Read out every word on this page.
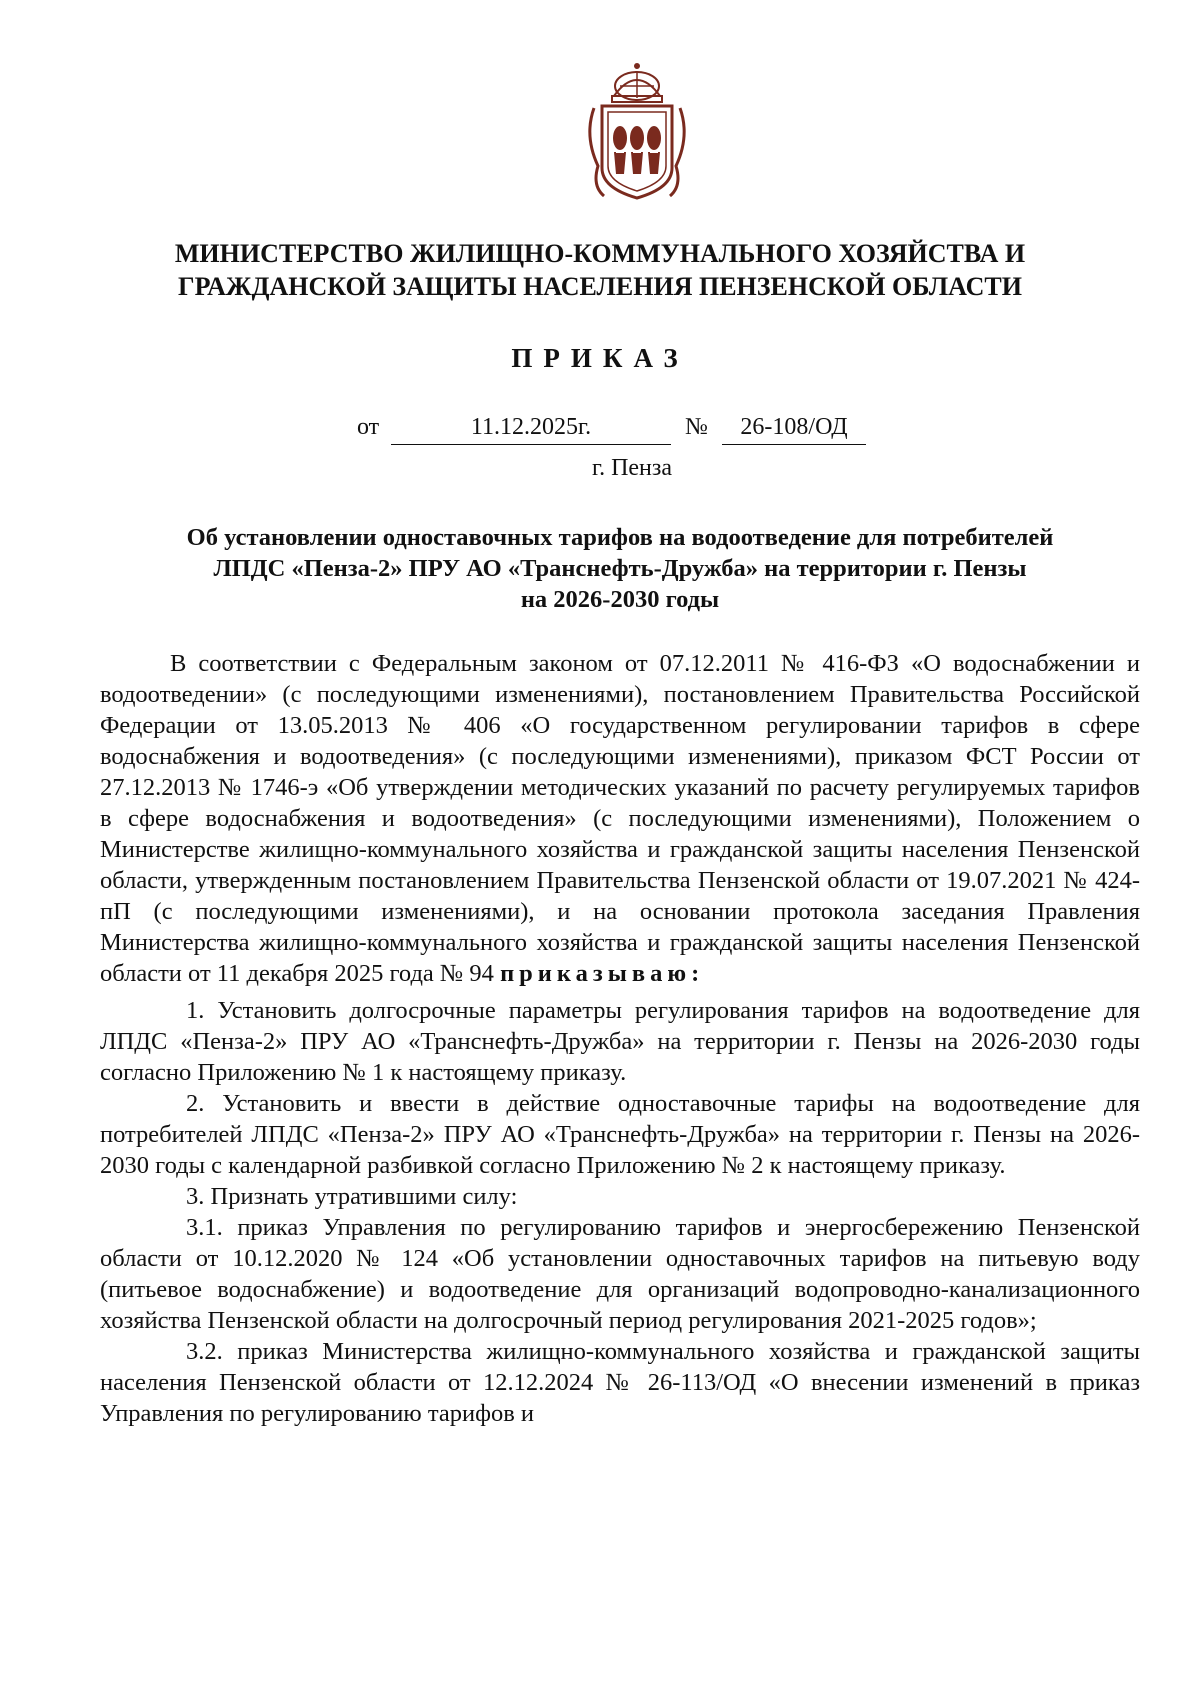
МИНИСТЕРСТВО ЖИЛИЩНО-КОММУНАЛЬНОГО ХОЗЯЙСТВА И
ГРАЖДАНСКОЙ ЗАЩИТЫ НАСЕЛЕНИЯ ПЕНЗЕНСКОЙ ОБЛАСТИ
ПРИКАЗ
от	11.12.2025г.	№	26-108/ОД
г. Пенза
Об установлении одноставочных тарифов на водоотведение для потребителей
ЛПДС «Пенза-2» ПРУ АО «Транснефть-Дружба» на территории г. Пензы
на 2026-2030 годы

В соответствии с Федеральным законом от 07.12.2011 № 416-ФЗ «О водоснабжении и водоотведении» (с последующими изменениями), постановлением Правительства Российской Федерации от 13.05.2013 № 406 «О государственном регулировании тарифов в сфере водоснабжения и водоотведения» (с последующими изменениями), приказом ФСТ России от 27.12.2013 № 1746-э «Об утверждении методических указаний по расчету регулируемых тарифов в сфере водоснабжения и водоотведения» (с последующими изменениями), Положением о Министерстве жилищно-коммунального хозяйства и гражданской защиты населения Пензенской области, утвержденным постановлением Правительства Пензенской области от 19.07.2021 № 424-пП (с последующими изменениями), и на основании протокола заседания Правления Министерства жилищно-коммунального хозяйства и гражданской защиты населения Пензенской области от 11 декабря 2025 года № 94 приказываю:

1. Установить долгосрочные параметры регулирования тарифов на водоотведение для ЛПДС «Пенза-2» ПРУ АО «Транснефть-Дружба» на территории г. Пензы на 2026-2030 годы согласно Приложению № 1 к настоящему приказу.

2. Установить и ввести в действие одноставочные тарифы на водоотведение для потребителей ЛПДС «Пенза-2» ПРУ АО «Транснефть-Дружба» на территории г. Пензы на 2026-2030 годы с календарной разбивкой согласно Приложению № 2 к настоящему приказу.

3. Признать утратившими силу:

3.1. приказ Управления по регулированию тарифов и энергосбережению Пензенской области от 10.12.2020 № 124 «Об установлении одноставочных тарифов на питьевую воду (питьевое водоснабжение) и водоотведение для организаций водопроводно-канализационного хозяйства Пензенской области на долгосрочный период регулирования 2021-2025 годов»;

3.2. приказ Министерства жилищно-коммунального хозяйства и гражданской защиты населения Пензенской области от 12.12.2024 № 26-113/ОД «О внесении изменений в приказ Управления по регулированию тарифов и
